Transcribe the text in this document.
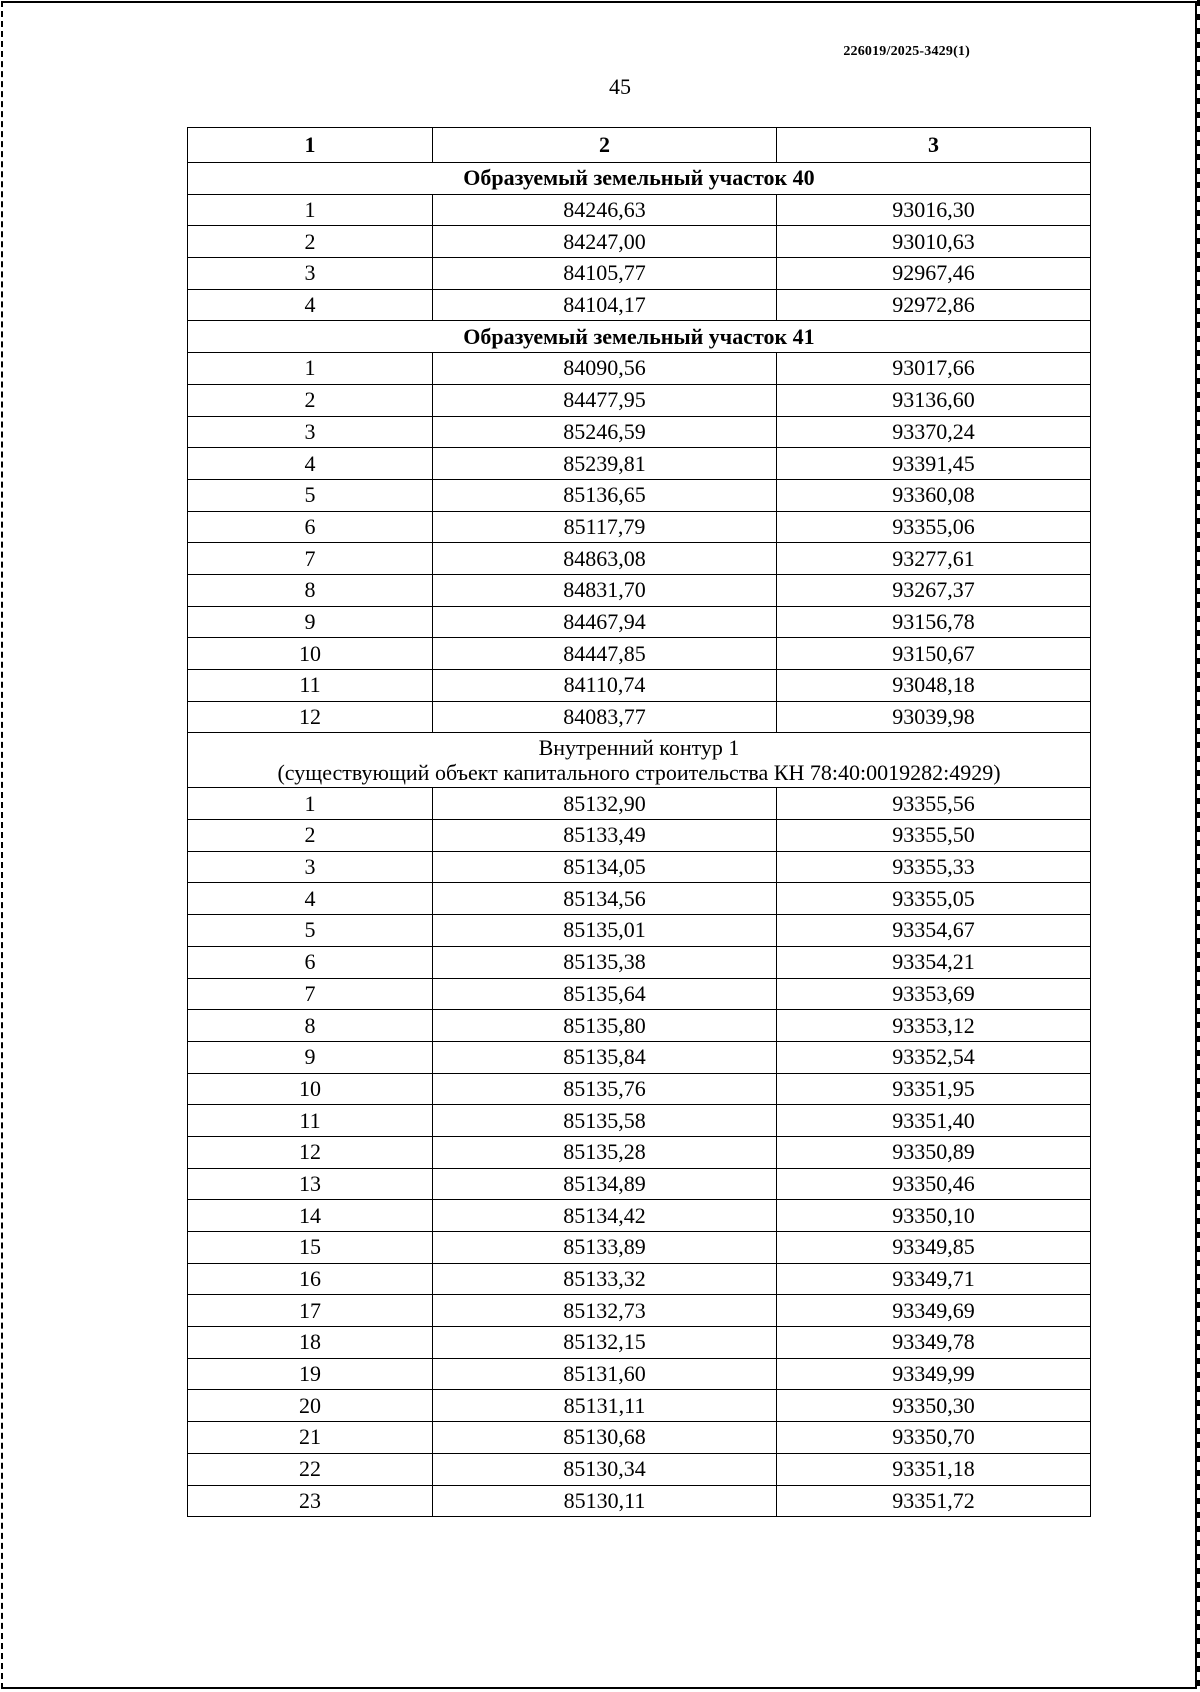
226019/2025-3429(1)
45
1	2	3

Образуемый земельный участок 40		

1	84246,63	93016,30
2	84247,00	93010,63
3	84105,77	92967,46
4	84104,17	92972,86

Образуемый земельный участок 41		

1	84090,56	93017,66
2	84477,95	93136,60
3	85246,59	93370,24
4	85239,81	93391,45
5	85136,65	93360,08
6	85117,79	93355,06
7	84863,08	93277,61
8	84831,70	93267,37
9	84467,94	93156,78
10	84447,85	93150,67
11	84110,74	93048,18
12	84083,77	93039,98

Внутренний контур 1
(существующий объект капитального строительства КН 78:40:0019282:4929)		

1	85132,90	93355,56
2	85133,49	93355,50
3	85134,05	93355,33
4	85134,56	93355,05
5	85135,01	93354,67
6	85135,38	93354,21
7	85135,64	93353,69
8	85135,80	93353,12
9	85135,84	93352,54
10	85135,76	93351,95
11	85135,58	93351,40
12	85135,28	93350,89
13	85134,89	93350,46
14	85134,42	93350,10
15	85133,89	93349,85
16	85133,32	93349,71
17	85132,73	93349,69
18	85132,15	93349,78
19	85131,60	93349,99
20	85131,11	93350,30
21	85130,68	93350,70
22	85130,34	93351,18
23	85130,11	93351,72
